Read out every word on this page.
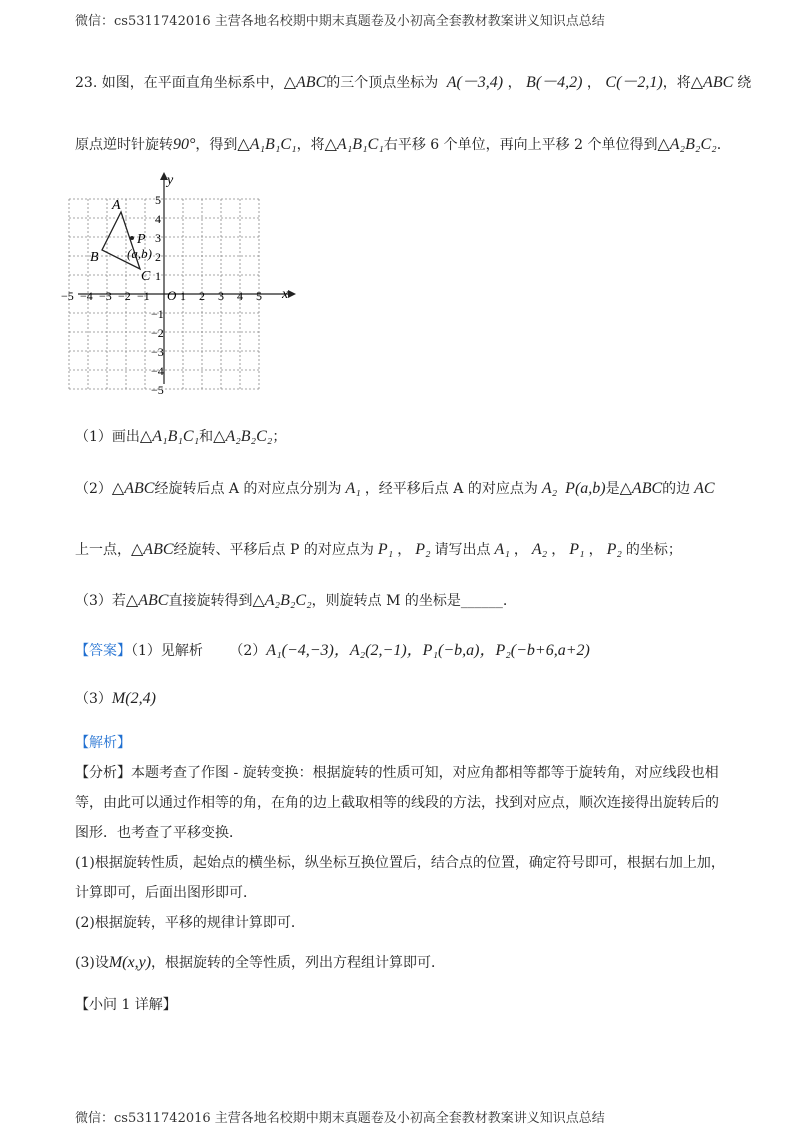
微信：cs5311742016 主营各地名校期中期末真题卷及小初高全套教材教案讲义知识点总结
23. 如图，在平面直角坐标系中，△ABC的三个顶点坐标为 A(－3,4) ， B(－4,2) ， C(－2,1)，将△ABC 绕
原点逆时针旋转90°，得到△A₁B₁C₁，将△A₁B₁C₁右平移 6 个单位，再向上平移 2 个单位得到△A₂B₂C₂.
y
x
O
−5 −4 −3 −2 −1	1 2 3 4 5
5
4
3
2
1
−1
−2
−3
−4
−5
A
B
C
P
(a,b)
（1）画出△A₁B₁C₁和△A₂B₂C₂；
（2）△ABC经旋转后点 A 的对应点分别为 A₁ ，经平移后点 A 的对应点为 A₂ P(a,b)是△ABC的边 AC
上一点，△ABC经旋转、平移后点 P 的对应点为 P₁ ， P₂ 请写出点 A₁ ， A₂ ， P₁ ， P₂ 的坐标；
（3）若△ABC直接旋转得到△A₂B₂C₂，则旋转点 M 的坐标是______.
【答案】（1）见解析 （2）A₁(−4,−3)，A₂(2,−1)，P₁(−b,a)，P₂(−b+6,a+2)
（3）M(2,4)
【解析】
【分析】本题考查了作图 - 旋转变换：根据旋转的性质可知，对应角都相等都等于旋转角，对应线段也相
等，由此可以通过作相等的角，在角的边上截取相等的线段的方法，找到对应点，顺次连接得出旋转后的
图形．也考查了平移变换．
(1)根据旋转性质，起始点的横坐标，纵坐标互换位置后，结合点的位置，确定符号即可，根据右加上加，
计算即可，后面出图形即可．
(2)根据旋转，平移的规律计算即可．
(3)设M(x,y)，根据旋转的全等性质，列出方程组计算即可．
【小问 1 详解】
微信：cs5311742016 主营各地名校期中期末真题卷及小初高全套教材教案讲义知识点总结
